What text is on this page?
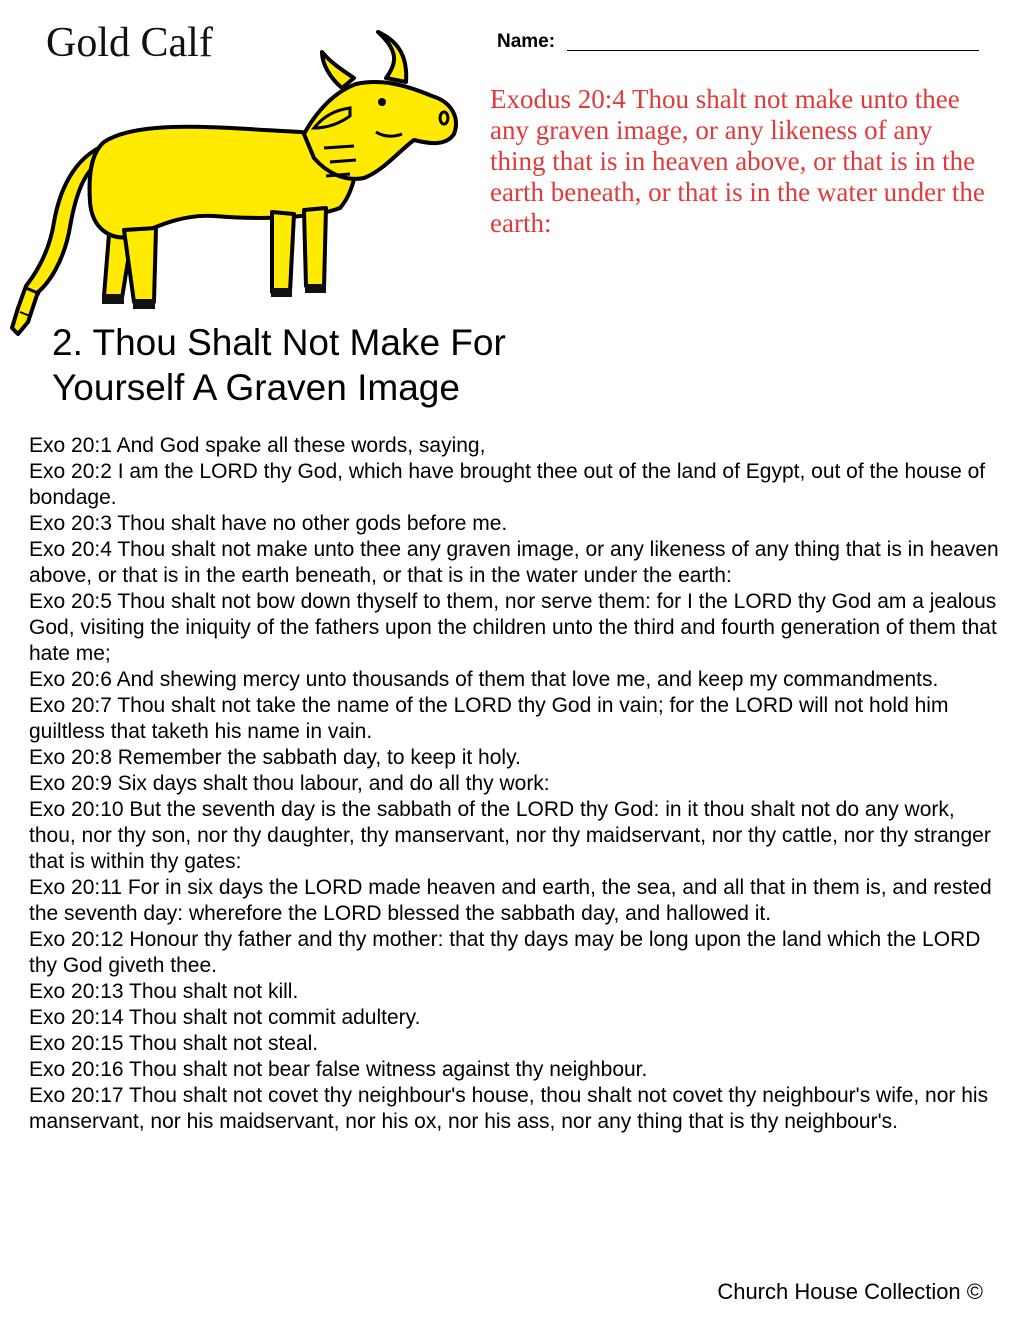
Gold Calf	Name:
Exodus 20:4 Thou shalt not make unto thee any graven image, or any likeness of any thing that is in heaven above, or that is in the earth beneath, or that is in the water under the earth:
2. Thou Shalt Not Make For
Yourself A Graven Image

Exo 20:1 And God spake all these words, saying,

Exo 20:2 I am the LORD thy God, which have brought thee out of the land of Egypt, out of the house of bondage.

Exo 20:3 Thou shalt have no other gods before me.

Exo 20:4 Thou shalt not make unto thee any graven image, or any likeness of any thing that is in heaven above, or that is in the earth beneath, or that is in the water under the earth:

Exo 20:5 Thou shalt not bow down thyself to them, nor serve them: for I the LORD thy God am a jealous God, visiting the iniquity of the fathers upon the children unto the third and fourth generation of them that hate me;

Exo 20:6 And shewing mercy unto thousands of them that love me, and keep my commandments.

Exo 20:7 Thou shalt not take the name of the LORD thy God in vain; for the LORD will not hold him guiltless that taketh his name in vain.

Exo 20:8 Remember the sabbath day, to keep it holy.

Exo 20:9 Six days shalt thou labour, and do all thy work:

Exo 20:10 But the seventh day is the sabbath of the LORD thy God: in it thou shalt not do any work, thou, nor thy son, nor thy daughter, thy manservant, nor thy maidservant, nor thy cattle, nor thy stranger that is within thy gates:

Exo 20:11 For in six days the LORD made heaven and earth, the sea, and all that in them is, and rested the seventh day: wherefore the LORD blessed the sabbath day, and hallowed it.

Exo 20:12 Honour thy father and thy mother: that thy days may be long upon the land which the LORD thy God giveth thee.

Exo 20:13 Thou shalt not kill.

Exo 20:14 Thou shalt not commit adultery.

Exo 20:15 Thou shalt not steal.

Exo 20:16 Thou shalt not bear false witness against thy neighbour.

Exo 20:17 Thou shalt not covet thy neighbour's house, thou shalt not covet thy neighbour's wife, nor his manservant, nor his maidservant, nor his ox, nor his ass, nor any thing that is thy neighbour's.

Church House Collection ©
